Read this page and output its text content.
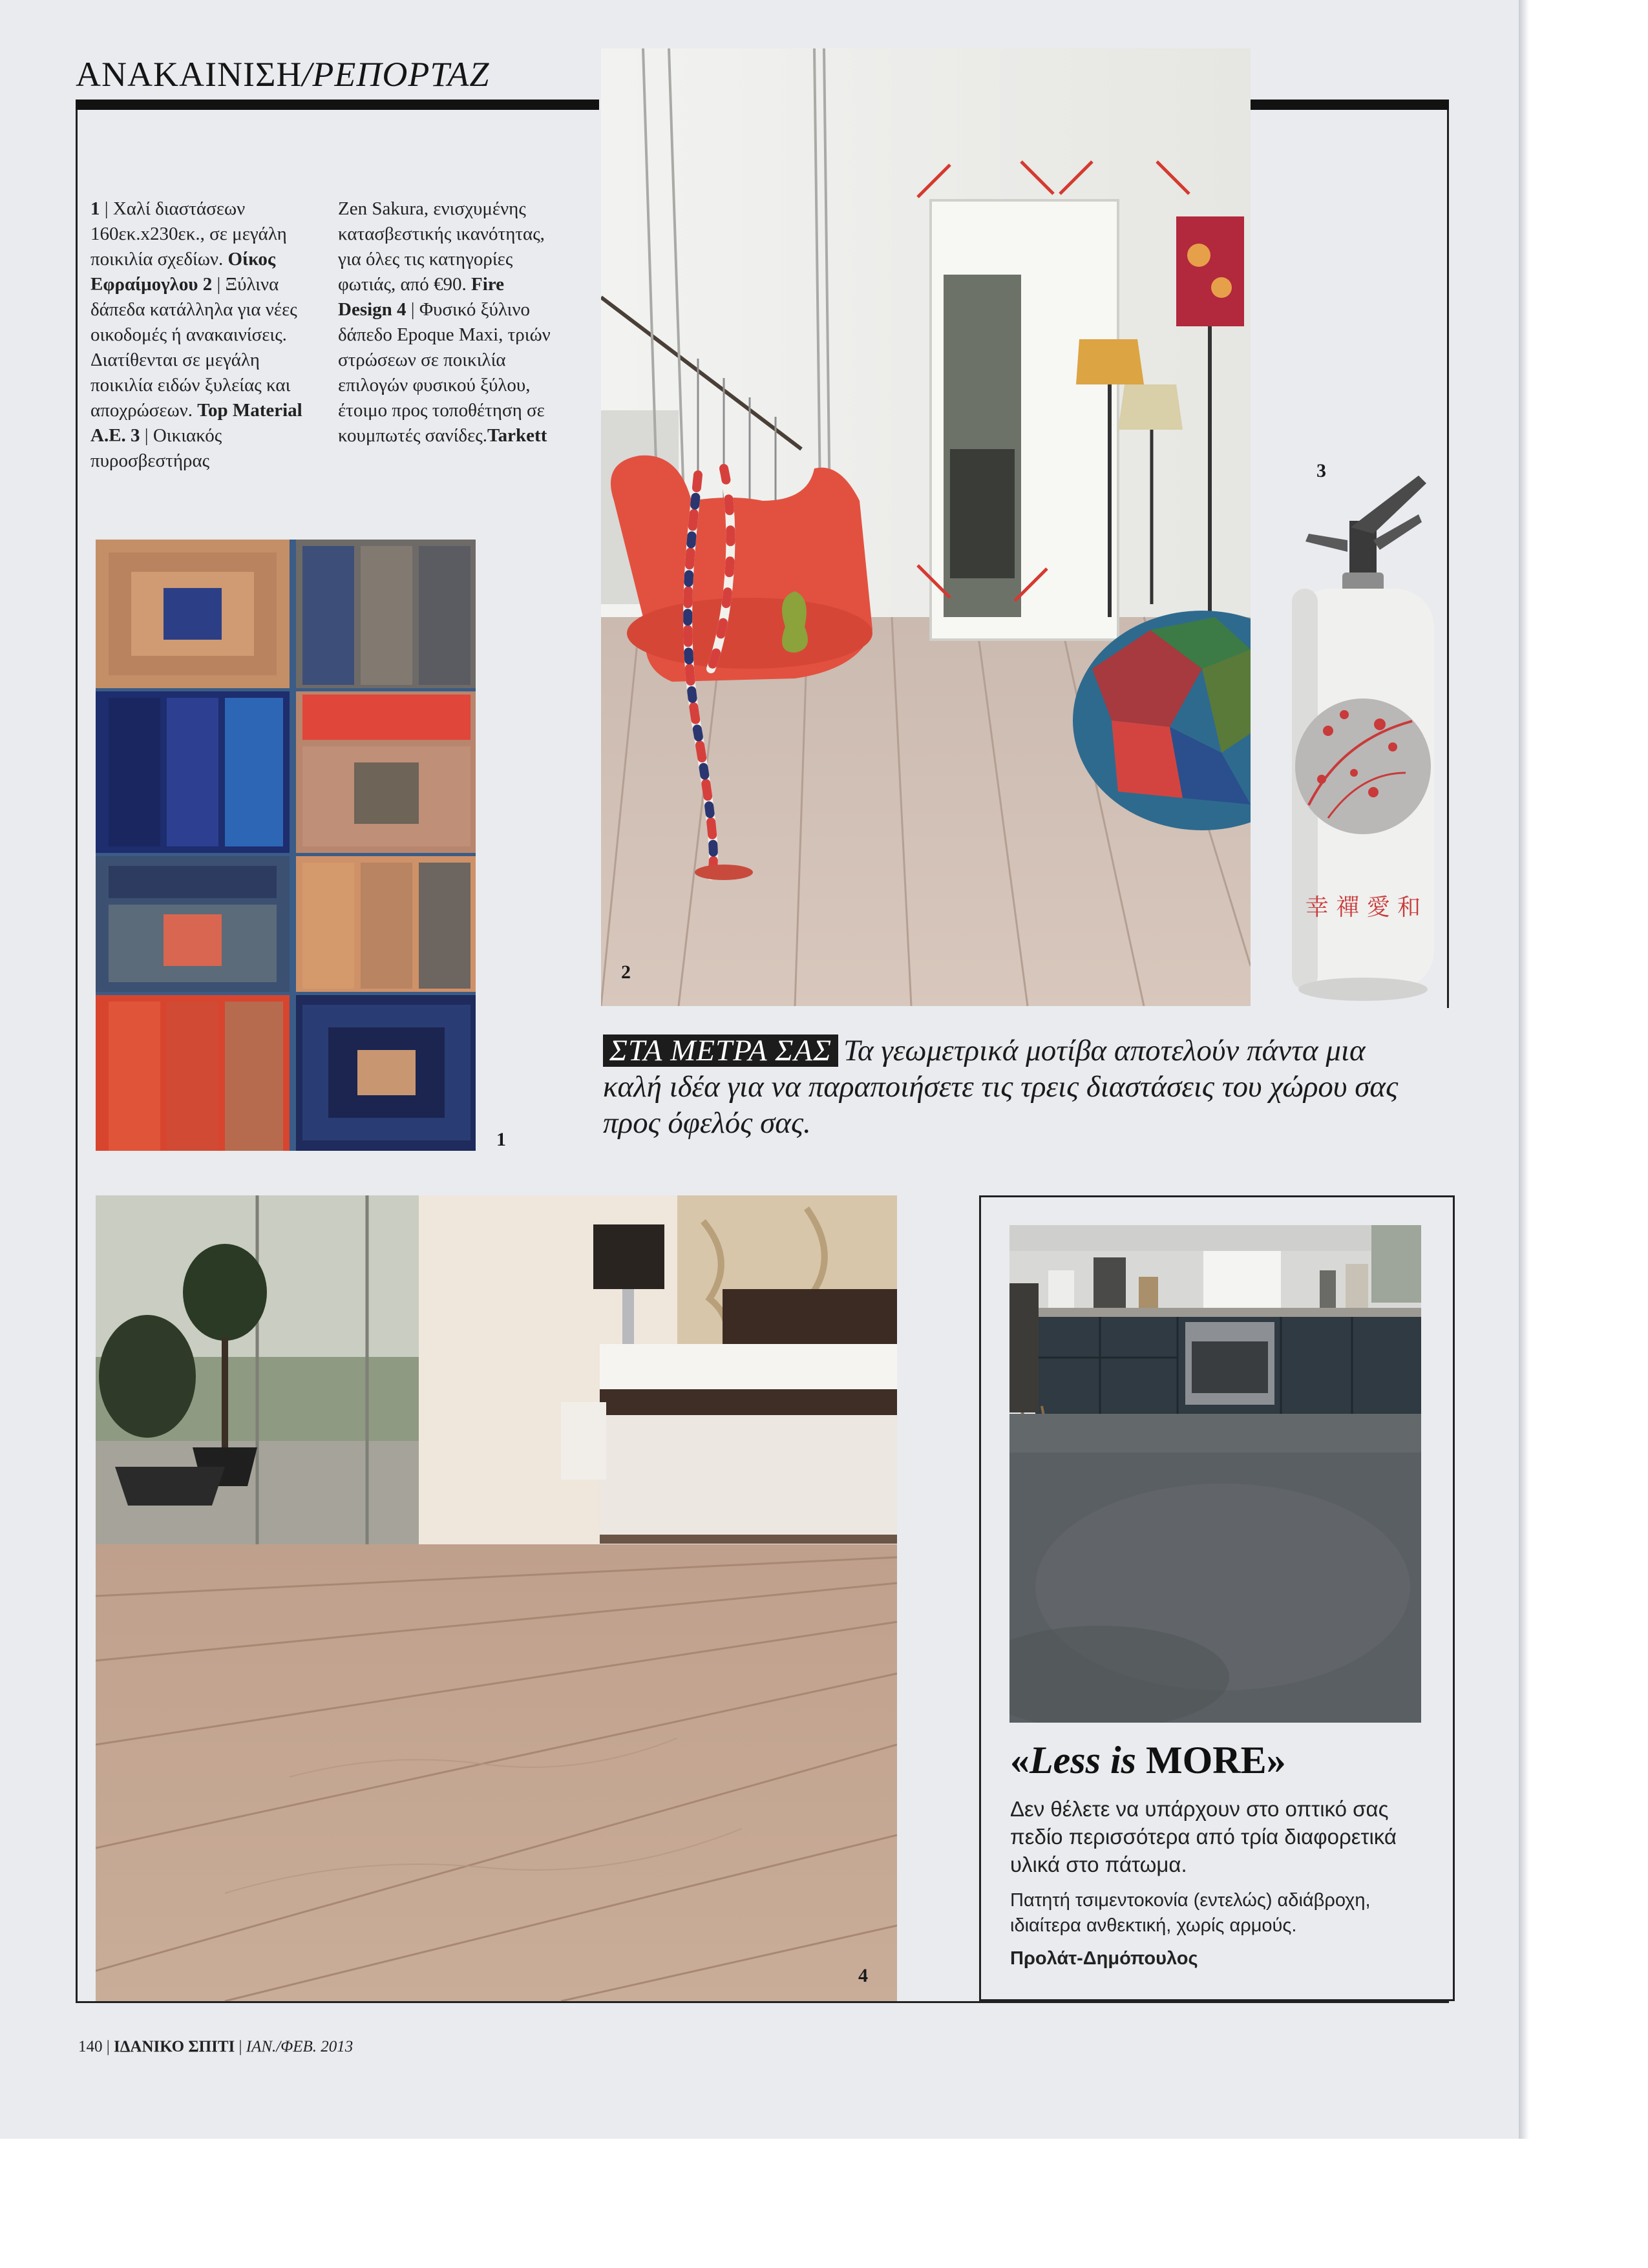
ΑΝΑΚΑΙΝΙΣΗ/ΡΕΠΟΡΤΑΖ
1 | Χαλί διαστάσεων 160εκ.x230εκ., σε μεγάλη ποικιλία σχεδίων. Οίκος Εφραίμογλου 2 | Ξύλινα δάπεδα κατάλληλα για νέες οικοδομές ή ανακαινίσεις. Διατίθενται σε μεγάλη ποικιλία ειδών ξυλείας και αποχρώσεων. Top Material Α.Ε. 3 | Οικιακός πυροσβεστήρας
Zen Sakura, ενισχυμένης κατασβεστικής ικανότητας, για όλες τις κατηγορίες φωτιάς, από €90. Fire Design 4 | Φυσικό ξύλινο δάπεδο Epoque Maxi, τριών στρώσεων σε ποικιλία επιλογών φυσικού ξύλου, έτοιμο προς τοποθέτηση σε κουμπωτές σανίδες.Tarkett
1
2
幸 禪 愛 和
3
ΣΤΑ ΜΕΤΡΑ ΣΑΣ Τα γεωμετρικά μοτίβα αποτελούν πάντα μια καλή ιδέα για να παραποιήσετε τις τρεις διαστάσεις του χώρου σας προς όφελός σας.
4
«Less is MORE»
Δεν θέλετε να υπάρχουν στο οπτικό σας πεδίο περισσότερα από τρία διαφορετικά υλικά στο πάτωμα.
Πατητή τσιμεντοκονία (εντελώς) αδιάβροχη, ιδιαίτερα ανθεκτική, χωρίς αρμούς.
Προλάτ-Δημόπουλος
140 | ΙΔΑΝΙΚΟ ΣΠΙΤΙ | ΙΑΝ./ΦΕΒ. 2013
